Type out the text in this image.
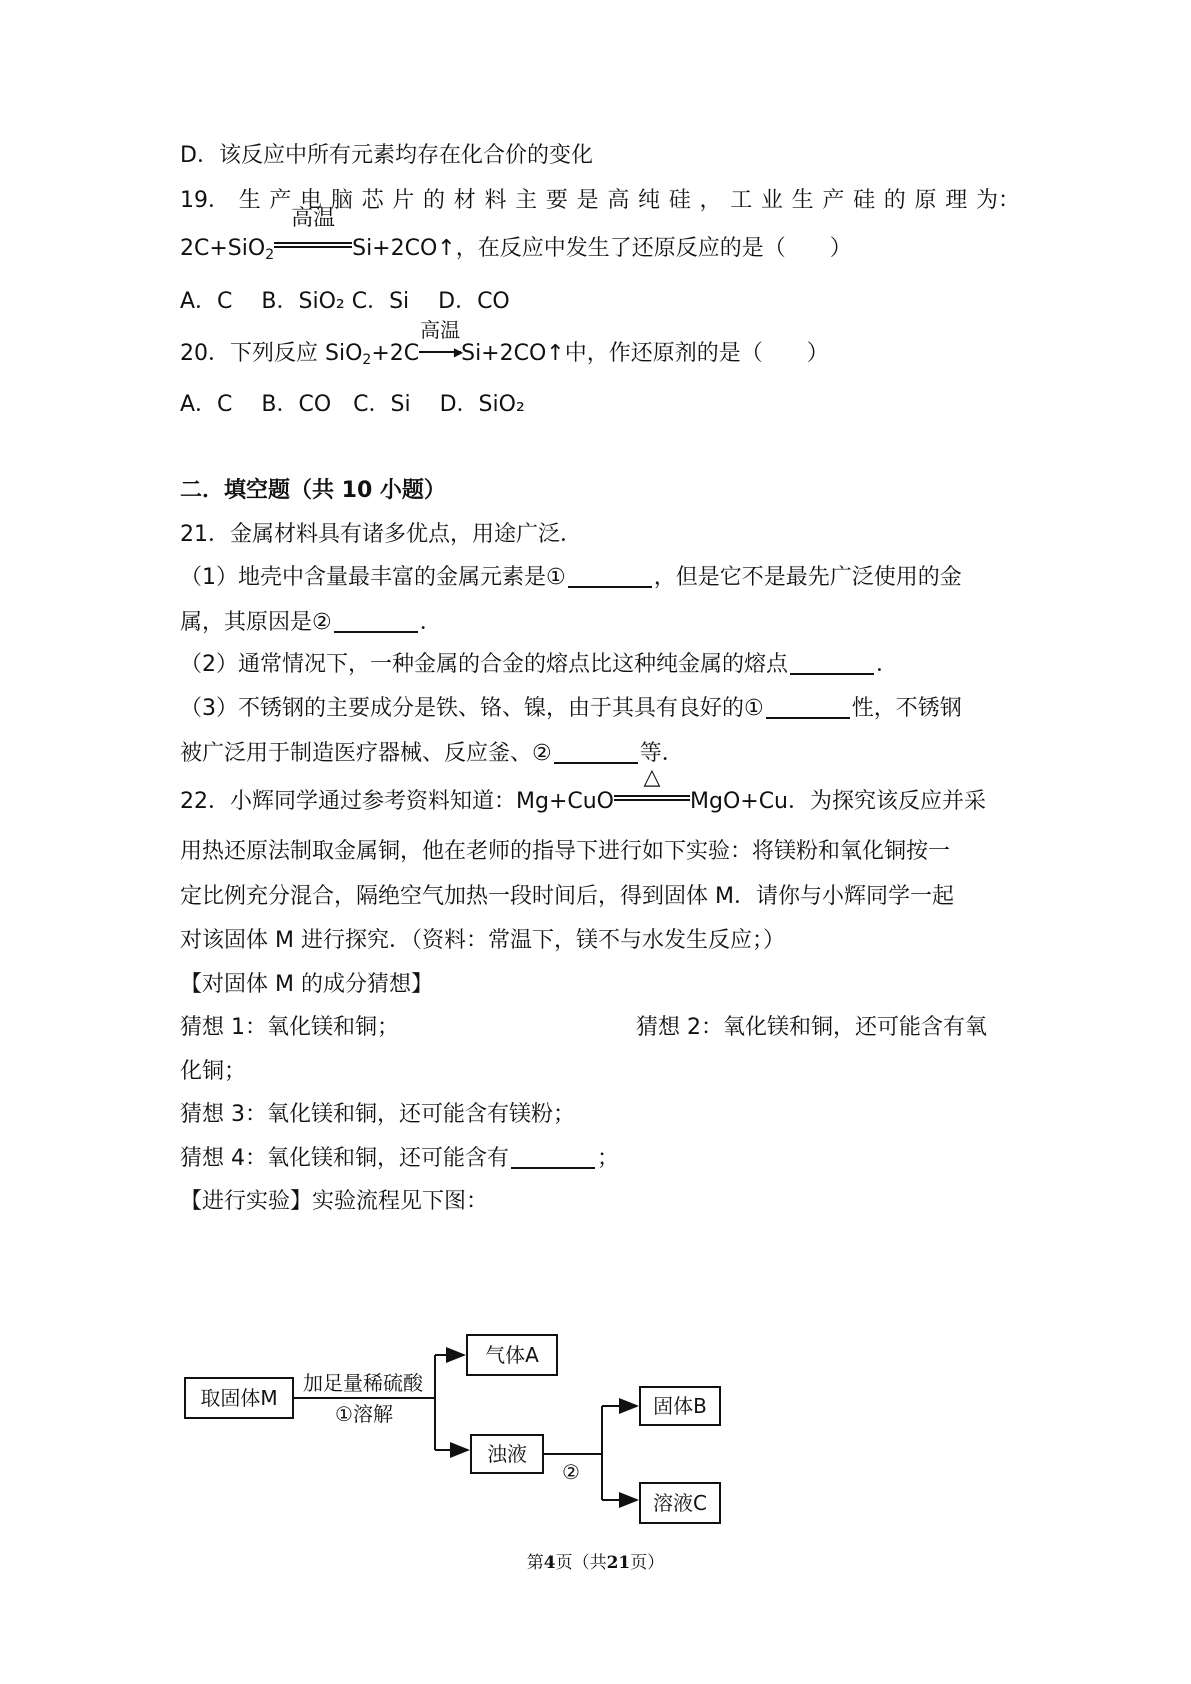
D．该反应中所有元素均存在化合价的变化
19． 生 产 电 脑 芯 片 的 材 料 主 要 是 高 纯 硅 ， 工 业 生 产 硅 的 原 理 为：
2C+SiO$_2$
高温
Si+2CO↑，在反应中发生了还原反应的是（　　）
A．C　 B．SiO₂ C．Si　 D．CO
20．下列反应 SiO$_2$+2C
高温
▶
Si+2CO↑中，作还原剂的是（　　）
A．C　 B．CO　C．Si　 D．SiO₂
二．填空题（共 10 小题）
21．金属材料具有诸多优点，用途广泛．
（1）地壳中含量最丰富的金属元素是①	，但是它不是最先广泛使用的金
属，其原因是②	．
（2）通常情况下，一种金属的合金的熔点比这种纯金属的熔点	．
（3）不锈钢的主要成分是铁、铬、镍，由于其具有良好的①	性，不锈钢
被广泛用于制造医疗器械、反应釜、②	等．
22．小辉同学通过参考资料知道：Mg+CuO
△
MgO+Cu．为探究该反应并采
用热还原法制取金属铜，他在老师的指导下进行如下实验：将镁粉和氧化铜按一
定比例充分混合，隔绝空气加热一段时间后，得到固体 M．请你与小辉同学一起
对该固体 M 进行探究．（资料：常温下，镁不与水发生反应；）
【对固体 M 的成分猜想】
猜想 1：氧化镁和铜；	猜想 2：氧化镁和铜，还可能含有氧
化铜；
猜想 3：氧化镁和铜，还可能含有镁粉；
猜想 4：氧化镁和铜，还可能含有	；
【进行实验】实验流程见下图：
取固体M
加足量稀硫酸
①溶解
气体A
浊液
②
固体B
溶液C
第4页（共21页）
